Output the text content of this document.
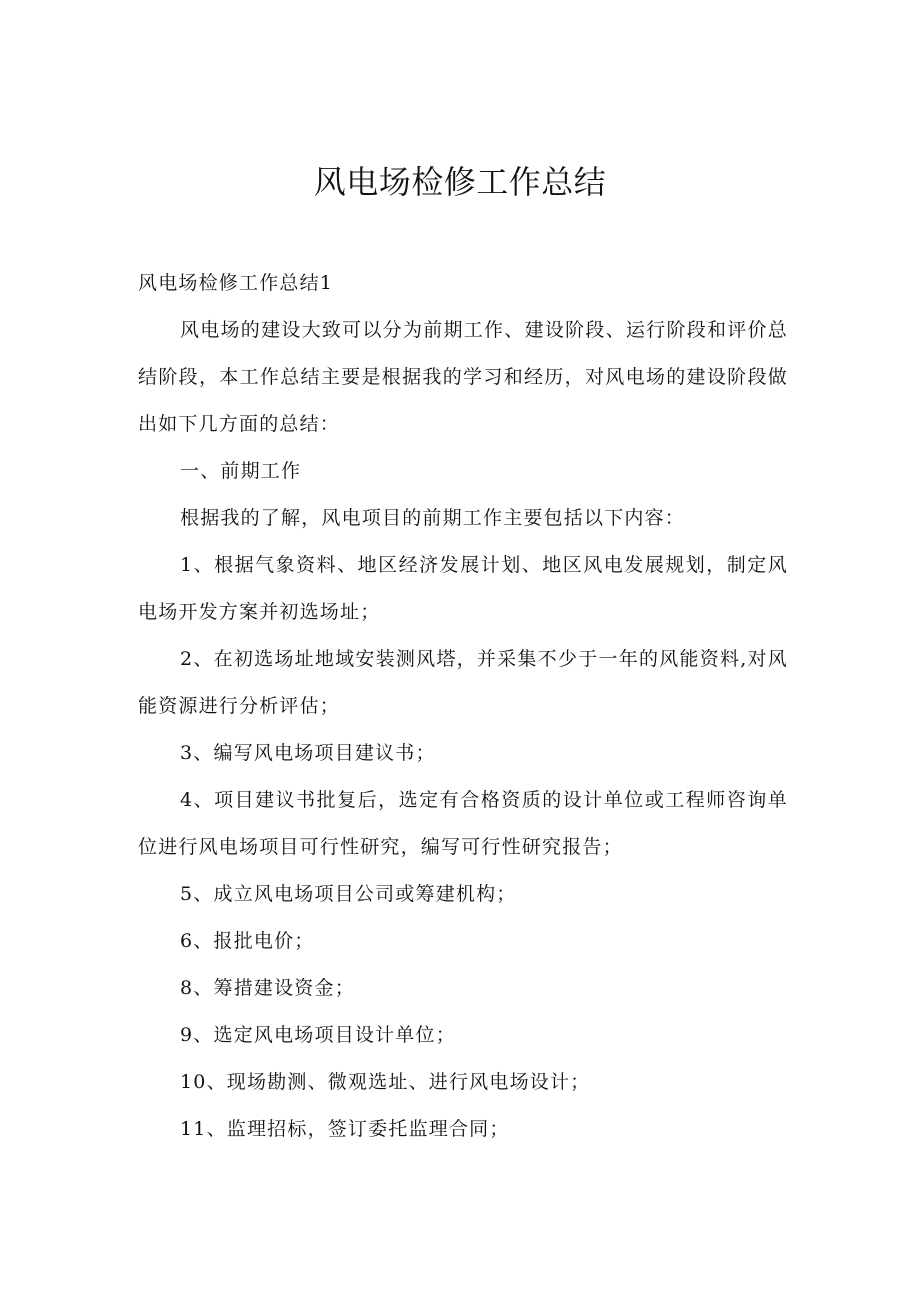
风电场检修工作总结
风电场检修工作总结1
风电场的建设大致可以分为前期工作、建设阶段、运行阶段和评价总结阶段，本工作总结主要是根据我的学习和经历，对风电场的建设阶段做出如下几方面的总结：
一、前期工作
根据我的了解，风电项目的前期工作主要包括以下内容：
1、根据气象资料、地区经济发展计划、地区风电发展规划，制定风电场开发方案并初选场址；
2、在初选场址地域安装测风塔，并采集不少于一年的风能资料,对风能资源进行分析评估；
3、编写风电场项目建议书；
4、项目建议书批复后，选定有合格资质的设计单位或工程师咨询单位进行风电场项目可行性研究，编写可行性研究报告；
5、成立风电场项目公司或筹建机构；
6、报批电价；
8、筹措建设资金；
9、选定风电场项目设计单位；
10、现场勘测、微观选址、进行风电场设计；
11、监理招标，签订委托监理合同；
